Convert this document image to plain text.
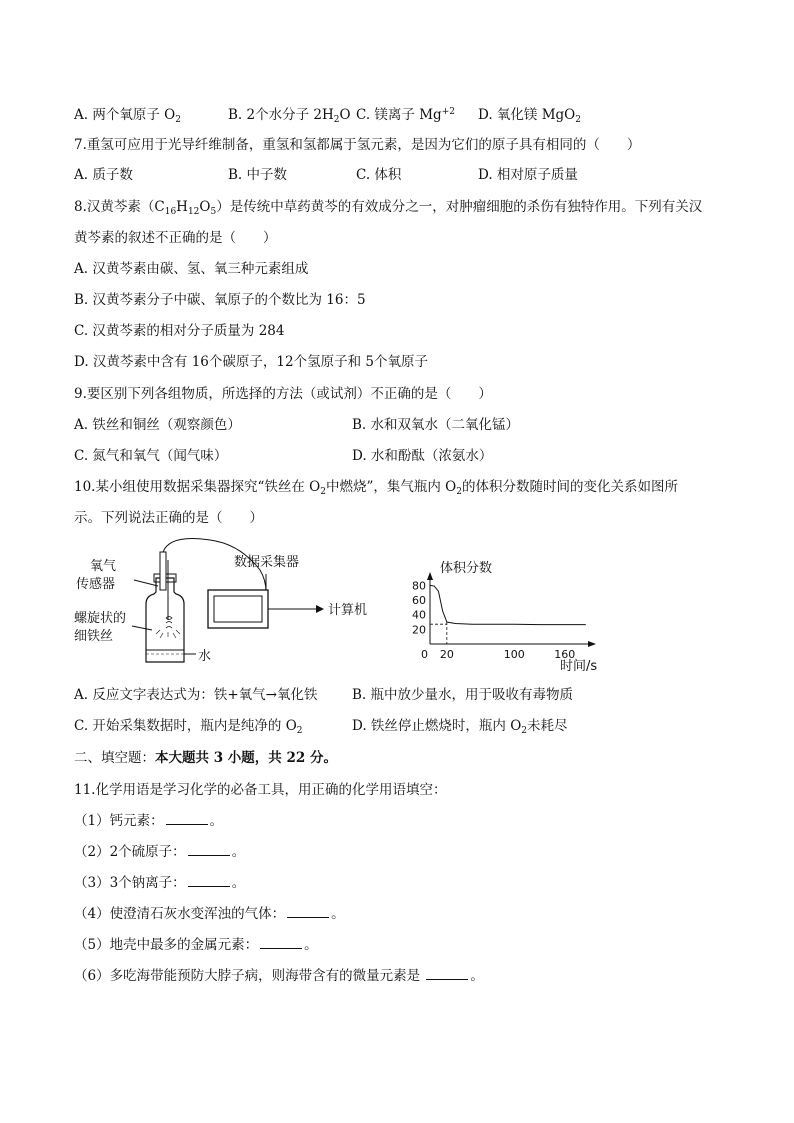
A. 两个氧原子 $O_2$	B. 2个水分子 $2H_2O$ C. 镁离子 $Mg^{+2}$ D. 氧化镁 MgO$_2$
7.重氢可应用于光导纤维制备，重氢和氢都属于氢元素，是因为它们的原子具有相同的（　　）
A. 质子数	B. 中子数	C. 体积	D. 相对原子质量
8.汉黄芩素$(C_{16}H_{12}O_5)$是传统中草药黄芩的有效成分之一，对肿瘤细胞的杀伤有独特作用。下列有关汉
黄芩素的叙述不正确的是（　　）
A. 汉黄芩素由碳、氢、氧三种元素组成
B. 汉黄芩素分子中碳、氧原子的个数比为 16：5
C. 汉黄芩素的相对分子质量为 284
D. 汉黄芩素中含有 16个碳原子，12个氢原子和 5个氧原子
9.要区别下列各组物质，所选择的方法（或试剂）不正确的是（　　）
A. 铁丝和铜丝（观察颜色）	B. 水和双氧水（二氧化锰）
C. 氮气和氧气（闻气味）	D. 水和酚酞（浓氨水）
10.某小组使用数据采集器探究“铁丝在 $O_2$中燃烧”，集气瓶内 $O_2$的体积分数随时间的变化关系如图所
示。下列说法正确的是（　　）
氧气
传感器
螺旋状的
细铁丝
水
数据采集器
计算机
体积分数
时间/s
80
60
40
20
0 20	100	160
A. 反应文字表达式为：铁+氧气→氧化铁	B. 瓶中放少量水，用于吸收有毒物质
C. 开始采集数据时，瓶内是纯净的 $O_2$	D. 铁丝停止燃烧时，瓶内 $O_2$未耗尽
二、填空题：本大题共 3 小题，共 22 分。
11.化学用语是学习化学的必备工具，用正确的化学用语填空：
（1）钙元素：	。
（2）2个硫原子：	。
（3）3个钠离子：	。
（4）使澄清石灰水变浑浊的气体：	。
（5）地壳中最多的金属元素：	。
（6）多吃海带能预防大脖子病，则海带含有的微量元素是	。
